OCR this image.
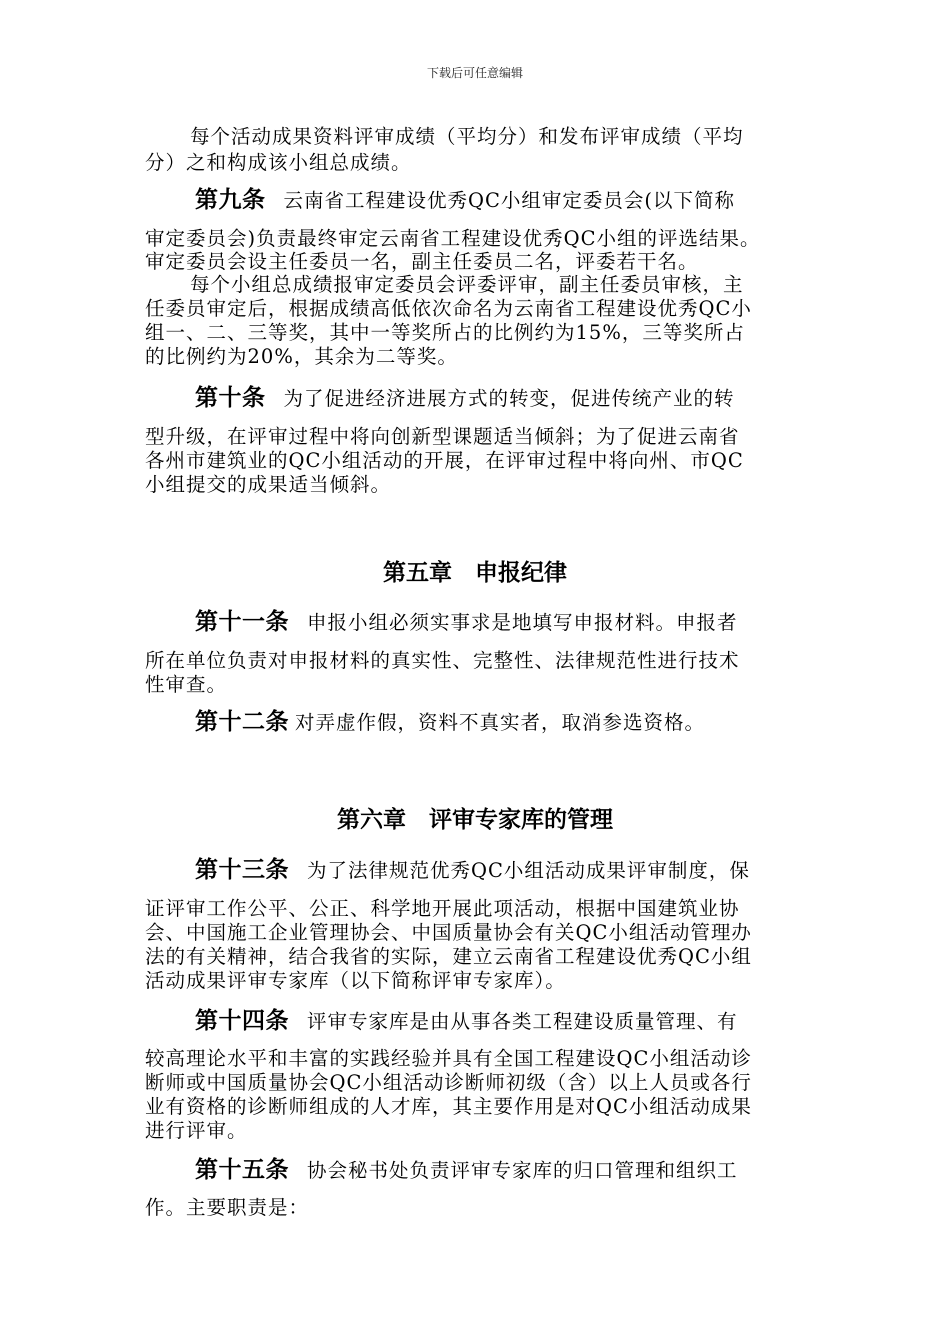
下载后可任意编辑
每个活动成果资料评审成绩（平均分）和发布评审成绩（平均
分）之和构成该小组总成绩。
第九条 云南省工程建设优秀QC小组审定委员会(以下简称
审定委员会)负责最终审定云南省工程建设优秀QC小组的评选结果。
审定委员会设主任委员一名，副主任委员二名，评委若干名。
每个小组总成绩报审定委员会评委评审，副主任委员审核，主
任委员审定后，根据成绩高低依次命名为云南省工程建设优秀QC小
组一、二、三等奖，其中一等奖所占的比例约为15%，三等奖所占
的比例约为20%，其余为二等奖。
第十条 为了促进经济进展方式的转变，促进传统产业的转
型升级，在评审过程中将向创新型课题适当倾斜；为了促进云南省
各州市建筑业的QC小组活动的开展，在评审过程中将向州、市QC
小组提交的成果适当倾斜。
第五章　申报纪律
第十一条 申报小组必须实事求是地填写申报材料。申报者
所在单位负责对申报材料的真实性、完整性、法律规范性进行技术
性审查。
第十二条 对弄虚作假，资料不真实者，取消参选资格。
第六章　评审专家库的管理
第十三条 为了法律规范优秀QC小组活动成果评审制度，保
证评审工作公平、公正、科学地开展此项活动，根据中国建筑业协
会、中国施工企业管理协会、中国质量协会有关QC小组活动管理办
法的有关精神，结合我省的实际，建立云南省工程建设优秀QC小组
活动成果评审专家库（以下简称评审专家库）。
第十四条 评审专家库是由从事各类工程建设质量管理、有
较高理论水平和丰富的实践经验并具有全国工程建设QC小组活动诊
断师或中国质量协会QC小组活动诊断师初级（含）以上人员或各行
业有资格的诊断师组成的人才库，其主要作用是对QC小组活动成果
进行评审。
第十五条 协会秘书处负责评审专家库的归口管理和组织工
作。主要职责是：
